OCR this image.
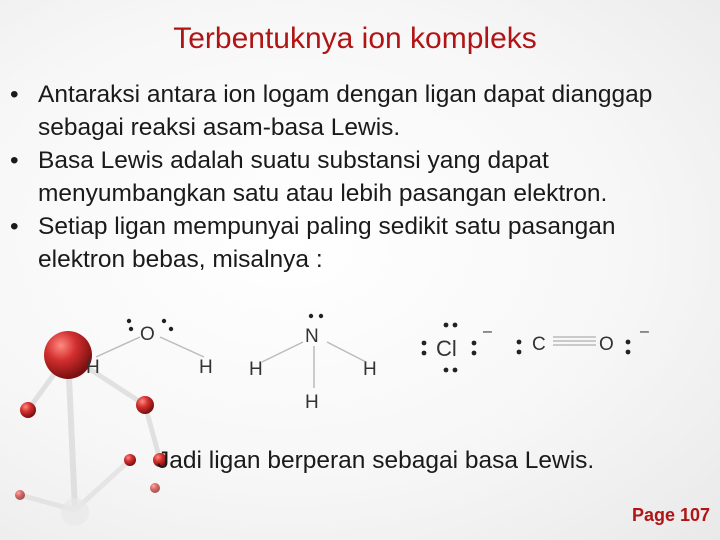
Terbentuknya ion kompleks
• Antaraksi antara ion logam dengan ligan dapat dianggap sebagai reaksi asam-basa Lewis.
• Basa Lewis adalah suatu substansi yang dapat menyumbangkan satu atau lebih pasangan elektron.
• Setiap ligan mempunyai paling sedikit satu pasangan elektron bebas, misalnya :
O
H	H
N
H	H
H
Cl
–
C	O
–
Jadi ligan berperan sebagai basa Lewis.
Page 107
